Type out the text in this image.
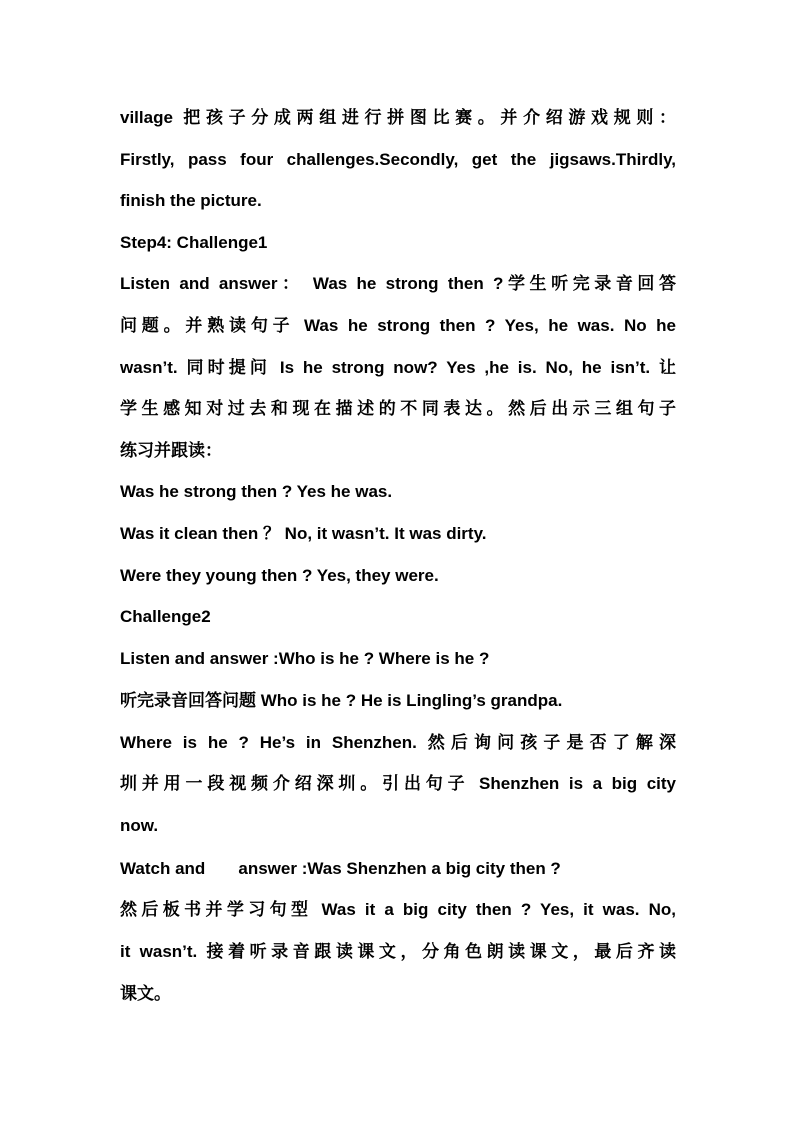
village 把孩子分成两组进行拼图比赛。并介绍游戏规则：
Firstly, pass four challenges.Secondly, get the jigsaws.Thirdly,
finish the picture.
Step4: Challenge1
Listen and answer： Was he strong then ?学生听完录音回答
问题。并熟读句子 Was he strong then ? Yes, he was. No he
wasn’t. 同时提问 Is he strong now? Yes ,he is. No, he isn’t. 让
学生感知对过去和现在描述的不同表达。然后出示三组句子
练习并跟读：
Was he strong then ? Yes he was.
Was it clean then ？ No, it wasn’t. It was dirty.
Were they young then ? Yes, they were.
Challenge2
Listen and answer :Who is he ? Where is he ?
听完录音回答问题 Who is he ? He is Lingling’s grandpa.
Where is he ? He’s in Shenzhen. 然后询问孩子是否了解深
圳并用一段视频介绍深圳。引出句子 Shenzhen is a big city
now.
Watch and       answer :Was Shenzhen a big city then ?
然后板书并学习句型 Was it a big city then ? Yes, it was. No,
it wasn’t. 接着听录音跟读课文，分角色朗读课文，最后齐读
课文。
